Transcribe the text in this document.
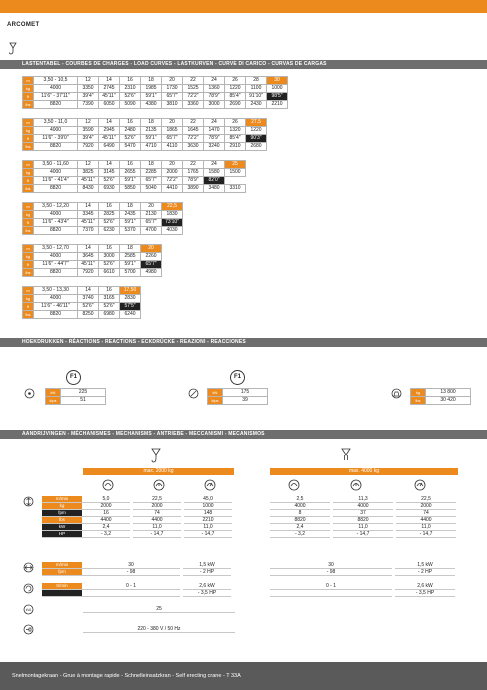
ARCOMET
LASTENTABEL - COURBES DE CHARGES - LOAD CURVES - LASTKURVEN - CURVE DI CARICO - CURVAS DE CARGAS
m	3,50 - 10,5	12	14	16	18	20	22	24	26	28	30
kg	4000	3350	2745	2310	1985	1730	1525	1360	1220	1100	1000
ft	11'6" - 37'11"	39'4"	45'11"	52'6"	59'1"	65'7"	72'2"	78'9"	85'4"	91'10"	98'5"
lbs	8820	7390	6050	5090	4380	3810	3360	3000	2690	2430	2210
m	3,50 - 11,0	12	14	16	18	20	22	24	26	27,5
kg	4000	3590	2945	2480	2135	1865	1645	1470	1320	1220
ft	11'6" - 39'0"	39'4"	45'11"	52'6"	59'1"	65'7"	72'2"	78'9"	85'4"	90'3"
lbs	8820	7920	6490	5470	4710	4110	3630	3240	2910	2680
m	3,50 - 11,60	12	14	16	18	20	22	24	25
kg	4000	3825	3145	2655	2285	2000	1765	1580	1500
ft	11'6" - 41'4"	45'11"	52'6"	59'1"	65'7"	72'2"	78'9"	82'0"	
lbs	8820	8430	6930	5850	5040	4410	3890	3480	3310
m	3,50 - 12,20	14	16	18	20	22,5
kg	4000	3345	2825	2435	2130	1830
ft	11'6" - 43'4"	45'11"	52'6"	59'1"	65'7"	73'10"
lbs	8820	7370	6230	5370	4700	4030
m	3,50 - 12,70	14	16	18	20
kg	4000	3645	3000	2585	2260
ft	11'6" - 44'7"	45'11"	52'6"	59'1"	65'7"
lbs	8820	7920	6610	5700	4980
m	3,50 - 13,30	14	16	17,50
kg	4000	3740	3165	2830
ft	11'6" - 46'11"	52'6"	52'6"	57'5"
lbs	8820	8250	6980	6240
HOEKDRUKKEN - RÉACTIONS - REACTIONS - ECKDRÜCKE - REAZIONI - REACCIONES
F1
kN	225
kips	51
F1
kN	175
kips	39
kg	13 800
lbs	30 420
AANDRIJVINGEN - MÉCHANISMES - MECHANISMS - ANTRIEBE - MECCANISMI - MECANISMOS
max. 2000 kg	max. 4000 kg
kVA
m/min	5,0		22,5		45,0
kg	2000		2000		1000
fpm	16		74		148
lbs	4400		4400		2210
kW	2,4		11,0		11,0
HP	- 3,2		- 14,7		- 14,7
2,5		11,3		22,5
4000		4000		2000
8		37		74
8820		8820		4400
2,4		11,0		11,0
- 3,2		- 14,7		- 14,7
m/min	30		1,5 kW
fpm	- 98		- 2 HP
30		1,5 kW
- 98		- 2 HP
tr/min	0 - 1		2,6 kW
			- 3,5 HP
0 - 1		2,6 kW
		- 3,5 HP
25
220 - 380 V / 50 Hz
Snelmontagekraan - Grue à montage rapide - Schnelleinsatzkran - Self erecting crane - T 33A
